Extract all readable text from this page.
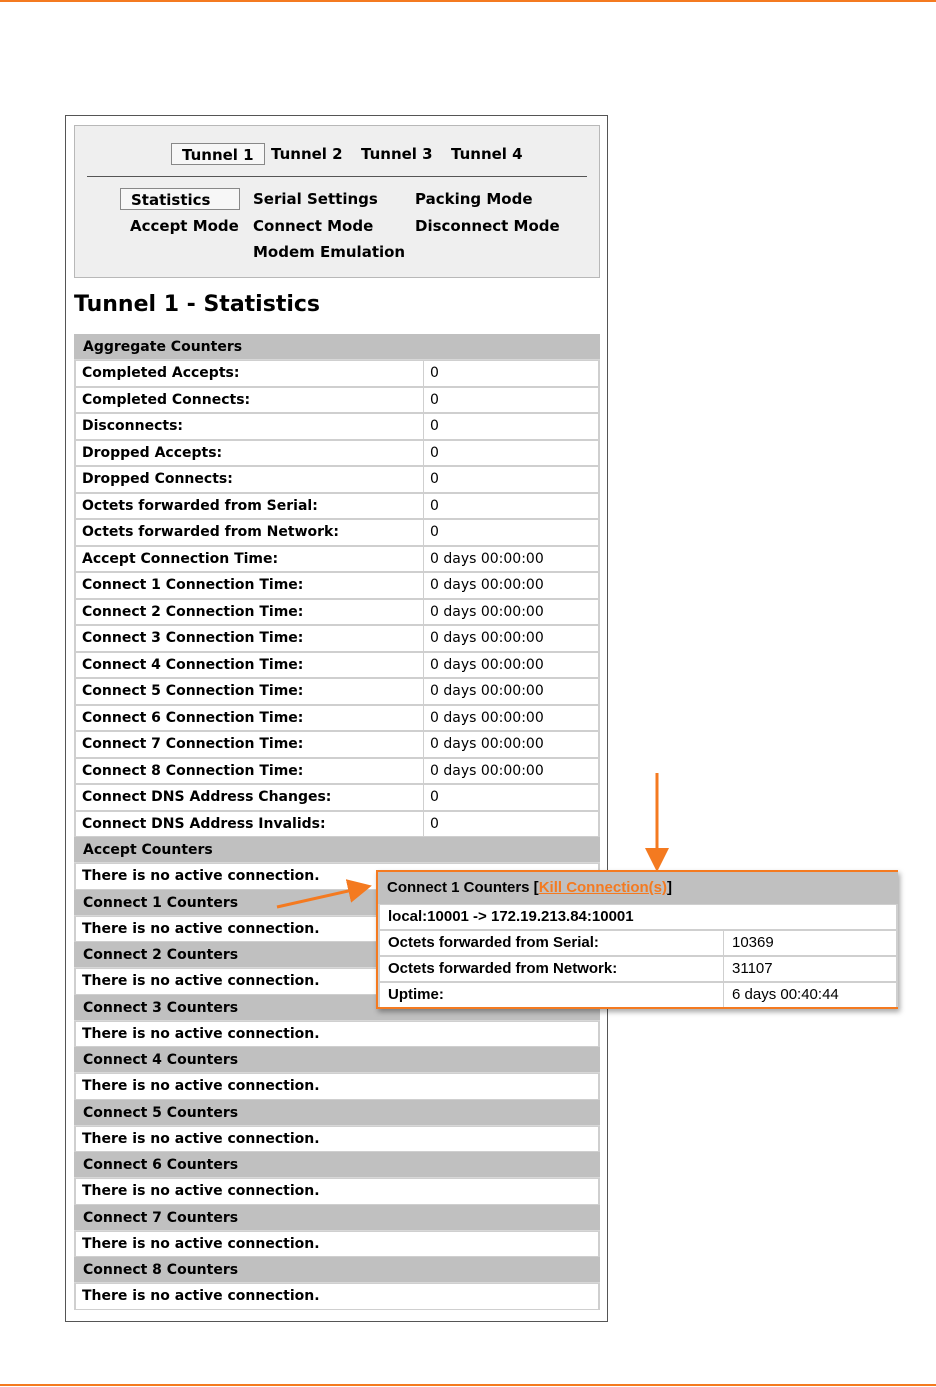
Tunnel 1	Tunnel 2	Tunnel 3	Tunnel 4
Statistics	Serial Settings	Packing Mode
Accept Mode Connect Mode	Disconnect Mode
Modem Emulation
Tunnel 1 - Statistics
Aggregate Counters
Completed Accepts:	0
Completed Connects:	0
Disconnects:	0
Dropped Accepts:	0
Dropped Connects:	0
Octets forwarded from Serial:	0
Octets forwarded from Network:	0
Accept Connection Time:	0 days 00:00:00
Connect 1 Connection Time:	0 days 00:00:00
Connect 2 Connection Time:	0 days 00:00:00
Connect 3 Connection Time:	0 days 00:00:00
Connect 4 Connection Time:	0 days 00:00:00
Connect 5 Connection Time:	0 days 00:00:00
Connect 6 Connection Time:	0 days 00:00:00
Connect 7 Connection Time:	0 days 00:00:00
Connect 8 Connection Time:	0 days 00:00:00
Connect DNS Address Changes:	0
Connect DNS Address Invalids:	0
Accept Counters
There is no active connection.
Connect 1 Counters
There is no active connection.
Connect 2 Counters
There is no active connection.
Connect 3 Counters
There is no active connection.
Connect 4 Counters
There is no active connection.
Connect 5 Counters
There is no active connection.
Connect 6 Counters
There is no active connection.
Connect 7 Counters
There is no active connection.
Connect 8 Counters
There is no active connection.
Connect 1 Counters [Kill Connection(s)]
local:10001 -> 172.19.213.84:10001
Octets forwarded from Serial:	10369
Octets forwarded from Network:	31107
Uptime:	6 days 00:40:44
